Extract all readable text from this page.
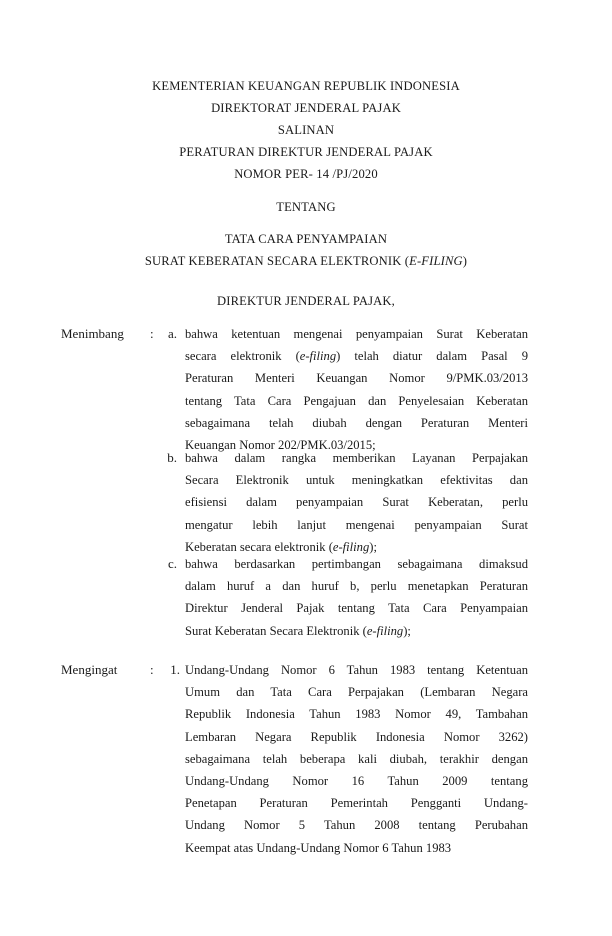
KEMENTERIAN KEUANGAN REPUBLIK INDONESIA
DIREKTORAT JENDERAL PAJAK
SALINAN
PERATURAN DIREKTUR JENDERAL PAJAK
NOMOR PER- 14 /PJ/2020
TENTANG
TATA CARA PENYAMPAIAN
SURAT KEBERATAN SECARA ELEKTRONIK (E-FILING)
DIREKTUR JENDERAL PAJAK,
Menimbang :	a. bahwa ketentuan mengenai penyampaian Surat Keberatan
secara elektronik (e-filing) telah diatur dalam Pasal 9
Peraturan Menteri Keuangan Nomor 9/PMK.03/2013
tentang Tata Cara Pengajuan dan Penyelesaian Keberatan
sebagaimana telah diubah dengan Peraturan Menteri
Keuangan Nomor 202/PMK.03/2015;
b. bahwa dalam rangka memberikan Layanan Perpajakan
Secara Elektronik untuk meningkatkan efektivitas dan
efisiensi dalam penyampaian Surat Keberatan, perlu
mengatur lebih lanjut mengenai penyampaian Surat
Keberatan secara elektronik (e-filing);
c. bahwa berdasarkan pertimbangan sebagaimana dimaksud
dalam huruf a dan huruf b, perlu menetapkan Peraturan
Direktur Jenderal Pajak tentang Tata Cara Penyampaian
Surat Keberatan Secara Elektronik (e-filing);
Mengingat	:	1. Undang-Undang Nomor 6 Tahun 1983 tentang Ketentuan
Umum dan Tata Cara Perpajakan (Lembaran Negara
Republik Indonesia Tahun 1983 Nomor 49, Tambahan
Lembaran Negara Republik Indonesia Nomor 3262)
sebagaimana telah beberapa kali diubah, terakhir dengan
Undang-Undang Nomor 16 Tahun 2009 tentang
Penetapan Peraturan Pemerintah Pengganti Undang-
Undang Nomor 5 Tahun 2008 tentang Perubahan
Keempat atas Undang-Undang Nomor 6 Tahun 1983
